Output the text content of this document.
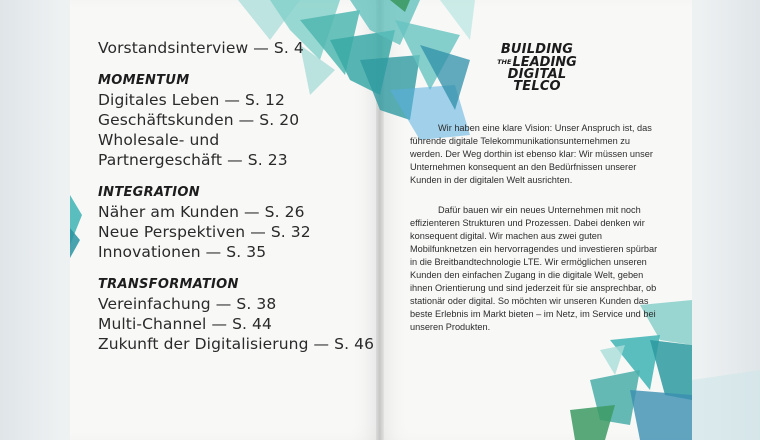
Vorstandsinterview — S. 4
MOMENTUM
Digitales Leben — S. 12
Geschäftskunden — S. 20
Wholesale- und
Partnergeschäft — S. 23
INTEGRATION
Näher am Kunden — S. 26
Neue Perspektiven — S. 32
Innovationen — S. 35
TRANSFORMATION
Vereinfachung — S. 38
Multi-Channel — S. 44
Zukunft der Digitalisierung — S. 46
BUILDING
THELEADING
DIGITAL
TELCO

Wir haben eine klare Vision: Unser Anspruch ist, das führende digitale Telekommunikationsunternehmen zu werden. Der Weg dorthin ist ebenso klar: Wir müssen unser Unternehmen konsequent an den Bedürfnissen unserer Kunden in der digitalen Welt ausrichten.

Dafür bauen wir ein neues Unternehmen mit noch effizienteren Strukturen und Prozessen. Dabei denken wir konsequent digital. Wir machen aus zwei guten Mobilfunknetzen ein hervorragendes und investieren spürbar in die Breitbandtechnologie LTE. Wir ermöglichen unseren Kunden den einfachen Zugang in die digitale Welt, geben ihnen Orientierung und sind jederzeit für sie ansprechbar, ob stationär oder digital. So möchten wir unseren Kunden das beste Erlebnis im Markt bieten – im Netz, im Service und bei unseren Produkten.
